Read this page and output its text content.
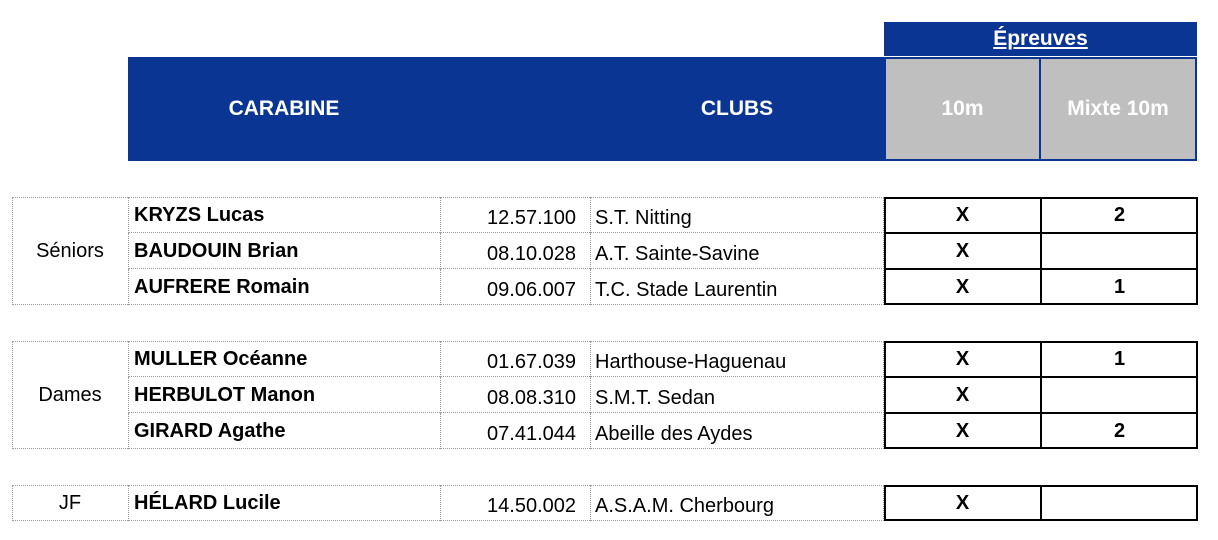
Épreuves
CARABINE	CLUBS	10m	Mixte 10m
Séniors
KRYZS Lucas	12.57.100 S.T. Nitting	X	2
BAUDOUIN Brian	08.10.028 A.T. Sainte-Savine	X
AUFRERE Romain	09.06.007 T.C. Stade Laurentin	X	1
Dames
MULLER Océanne	01.67.039 Harthouse-Haguenau	X	1
HERBULOT Manon	08.08.310 S.M.T. Sedan	X
GIRARD Agathe	07.41.044 Abeille des Aydes	X	2
JF	HÉLARD Lucile	14.50.002 A.S.A.M. Cherbourg	X
